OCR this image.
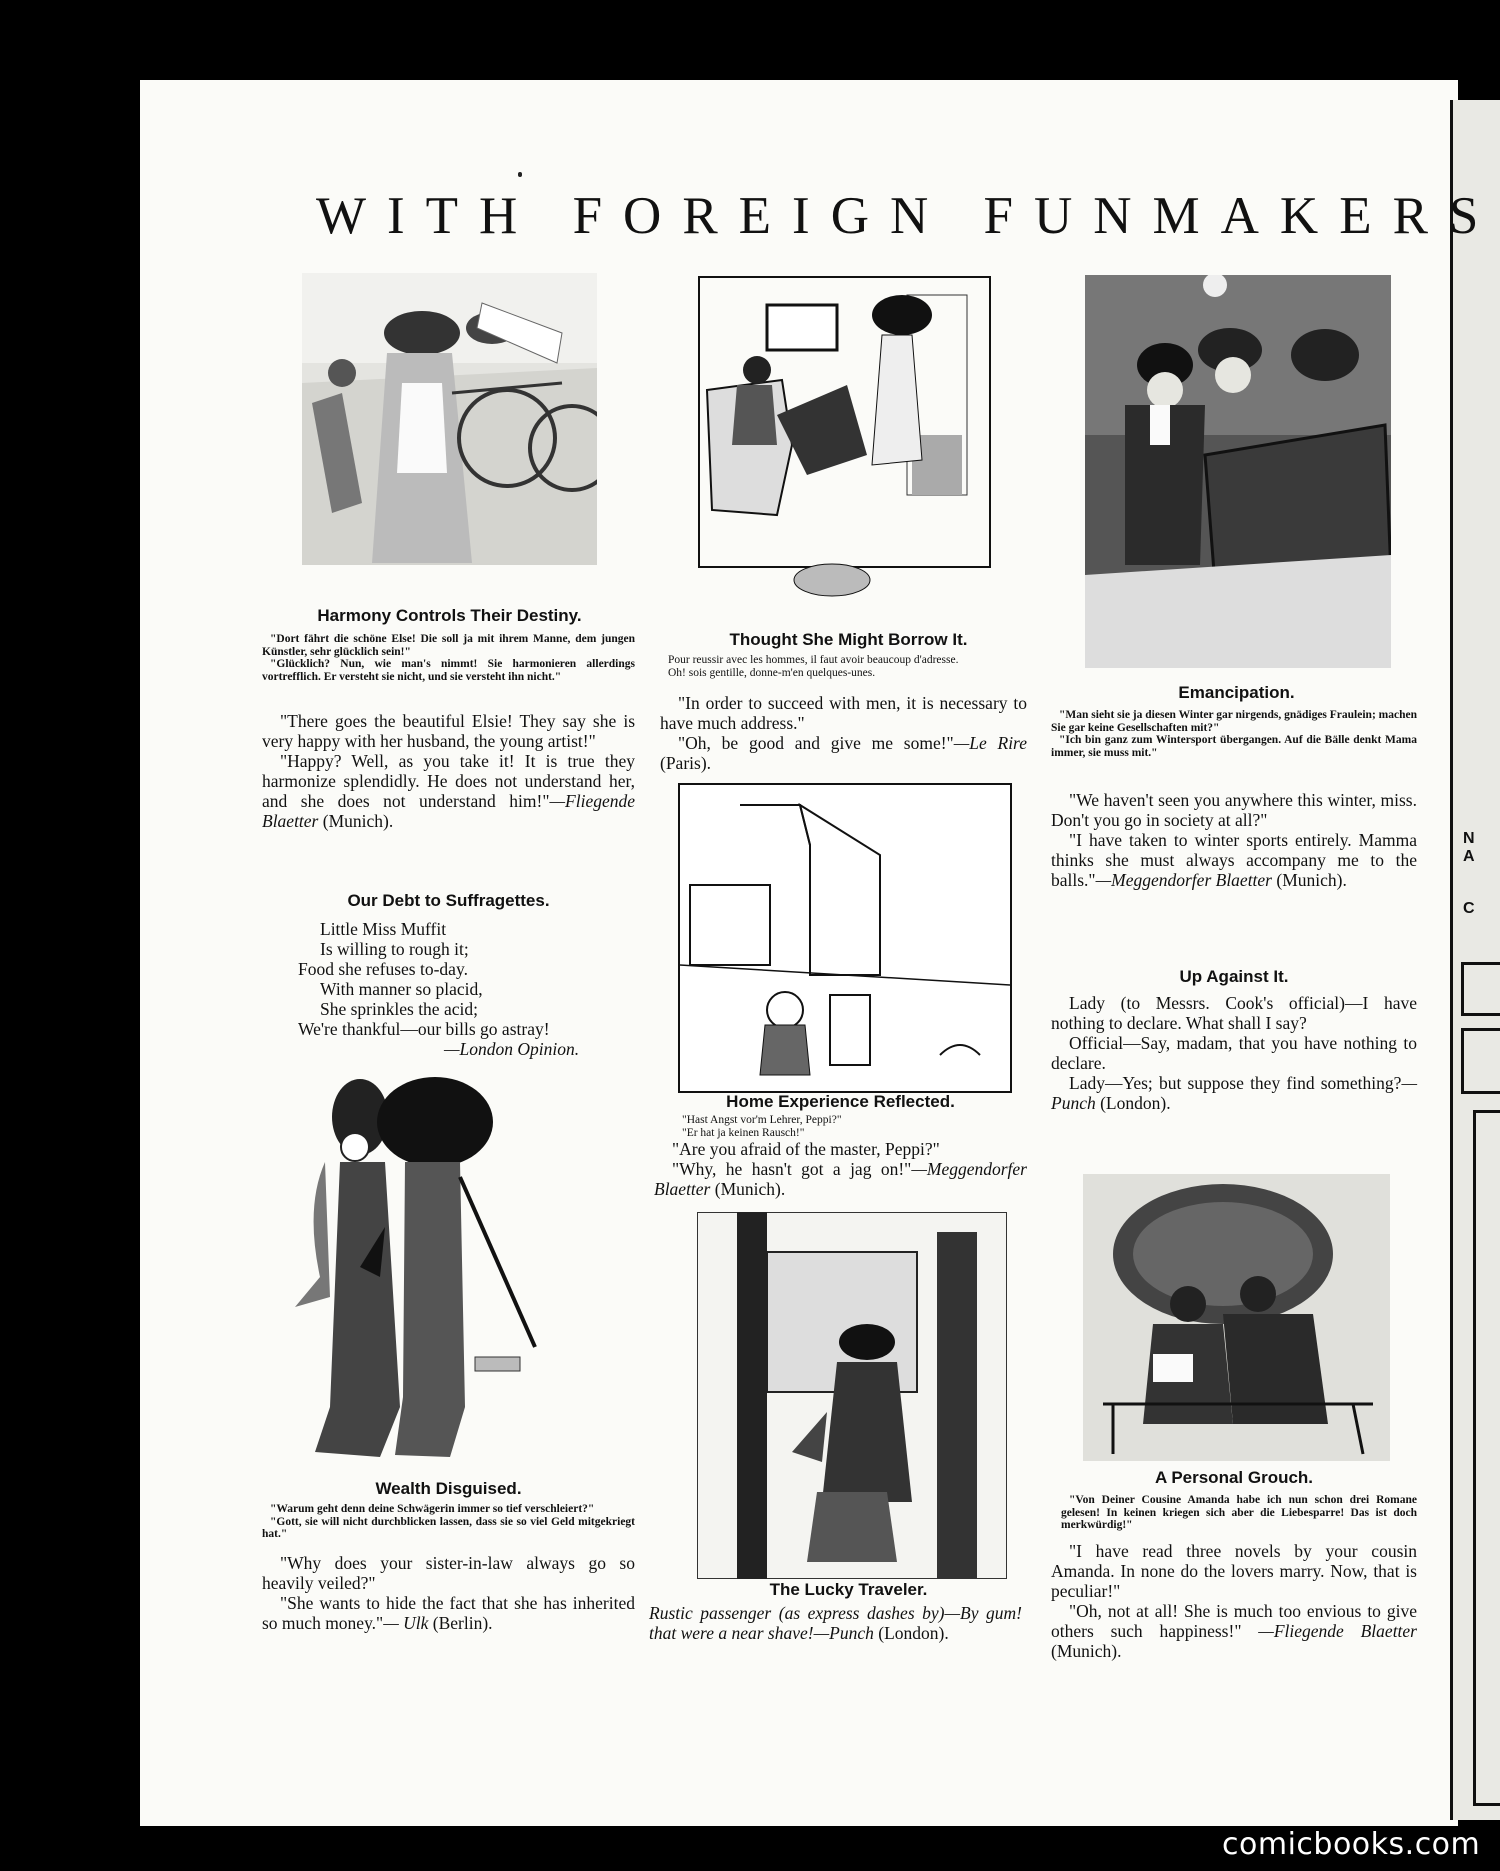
N
A
C
WITH FOREIGN FUNMAKERS
Harmony Controls Their Destiny.

"Dort fährt die schöne Else! Die soll ja mit ihrem Manne, dem jungen Künstler, sehr glücklich sein!"

"Glücklich? Nun, wie man's nimmt! Sie harmonieren allerdings vortrefflich. Er versteht sie nicht, und sie versteht ihn nicht."

"There goes the beautiful Elsie! They say she is very happy with her husband, the young artist!"

"Happy? Well, as you take it! It is true they harmonize splendidly. He does not understand her, and she does not understand him!"—Fliegende Blaetter (Munich).

Our Debt to Suffragettes.
Little Miss Muffit
Is willing to rough it;
Food she refuses to-day.
With manner so placid,
She sprinkles the acid;
We're thankful—our bills go astray!
—London Opinion.
Wealth Disguised.

"Warum geht denn deine Schwägerin immer so tief verschleiert?"

"Gott, sie will nicht durchblicken lassen, dass sie so viel Geld mitgekriegt hat."

"Why does your sister-in-law always go so heavily veiled?"

"She wants to hide the fact that she has inherited so much money."— Ulk (Berlin).

Thought She Might Borrow It.

Pour reussir avec les hommes, il faut avoir beaucoup d'adresse.

Oh! sois gentille, donne-m'en quelques-unes.

"In order to succeed with men, it is necessary to have much address."

"Oh, be good and give me some!"—Le Rire (Paris).

Home Experience Reflected.

"Hast Angst vor'm Lehrer, Peppi?"

"Er hat ja keinen Rausch!"

"Are you afraid of the master, Peppi?"

"Why, he hasn't got a jag on!"—Meggendorfer Blaetter (Munich).

The Lucky Traveler.

Rustic passenger (as express dashes by)—By gum! that were a near shave!—Punch (London).

Emancipation.

"Man sieht sie ja diesen Winter gar nirgends, gnädiges Fraulein; machen Sie gar keine Gesellschaften mit?"

"Ich bin ganz zum Wintersport übergangen. Auf die Bälle denkt Mama immer, sie muss mit."

"We haven't seen you anywhere this winter, miss. Don't you go in society at all?"

"I have taken to winter sports entirely. Mamma thinks she must always accompany me to the balls."—Meggendorfer Blaetter (Munich).

Up Against It.

Lady (to Messrs. Cook's official)—I have nothing to declare. What shall I say?

Official—Say, madam, that you have nothing to declare.

Lady—Yes; but suppose they find something?—Punch (London).

A Personal Grouch.

"Von Deiner Cousine Amanda habe ich nun schon drei Romane gelesen! In keinen kriegen sich aber die Liebesparre! Das ist doch merkwürdig!"

"I have read three novels by your cousin Amanda. In none do the lovers marry. Now, that is peculiar!"

"Oh, not at all! She is much too envious to give others such happiness!" —Fliegende Blaetter (Munich).

comicbooks.com
